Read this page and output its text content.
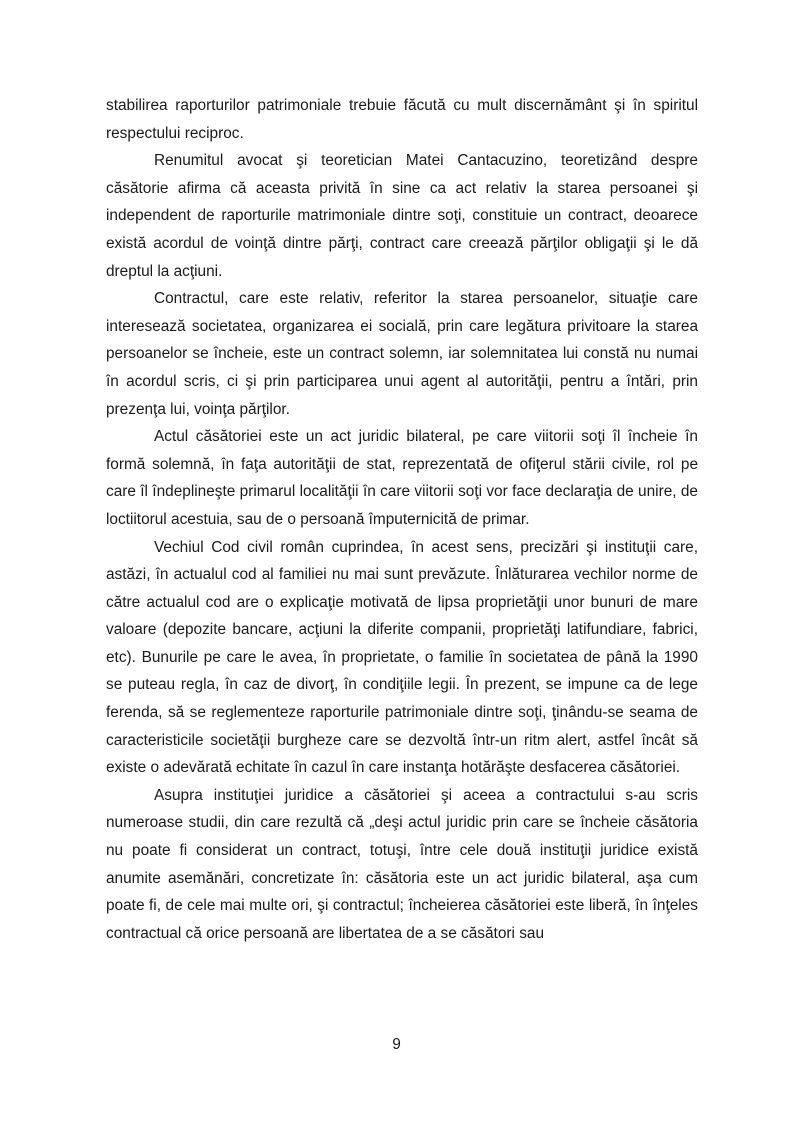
stabilirea raporturilor patrimoniale trebuie făcută cu mult discernământ şi în spiritul respectului reciproc.

Renumitul avocat şi teoretician Matei Cantacuzino, teoretizând despre căsătorie afirma că aceasta privită în sine ca act relativ la starea persoanei şi independent de raporturile matrimoniale dintre soţi, constituie un contract, deoarece există acordul de voinţă dintre părţi, contract care creează părţilor obligaţii şi le dă dreptul la acţiuni.

Contractul, care este relativ, referitor la starea persoanelor, situaţie care interesează societatea, organizarea ei socială, prin care legătura privitoare la starea persoanelor se încheie, este un contract solemn, iar solemnitatea lui constă nu numai în acordul scris, ci şi prin participarea unui agent al autorităţii, pentru a întări, prin prezenţa lui, voinţa părţilor.

Actul căsătoriei este un act juridic bilateral, pe care viitorii soţi îl încheie în formă solemnă, în faţa autorităţii de stat, reprezentată de ofiţerul stării civile, rol pe care îl îndeplineşte primarul localităţii în care viitorii soţi vor face declaraţia de unire, de loctiitorul acestuia, sau de o persoană împuternicită de primar.

Vechiul Cod civil român cuprindea, în acest sens, precizări şi instituţii care, astăzi, în actualul cod al familiei nu mai sunt prevăzute. Înlăturarea vechilor norme de către actualul cod are o explicaţie motivată de lipsa proprietăţii unor bunuri de mare valoare (depozite bancare, acţiuni la diferite companii, proprietăţi latifundiare, fabrici, etc). Bunurile pe care le avea, în proprietate, o familie în societatea de până la 1990 se puteau regla, în caz de divorţ, în condiţiile legii. În prezent, se impune ca de lege ferenda, să se reglementeze raporturile patrimoniale dintre soţi, ţinându-se seama de caracteristicile societăţii burgheze care se dezvoltă într-un ritm alert, astfel încât să existe o adevărată echitate în cazul în care instanţa hotărăşte desfacerea căsătoriei.

Asupra instituţiei juridice a căsătoriei şi aceea a contractului s-au scris numeroase studii, din care rezultă că „deşi actul juridic prin care se încheie căsătoria nu poate fi considerat un contract, totuşi, între cele două instituţii juridice există anumite asemănări, concretizate în: căsătoria este un act juridic bilateral, aşa cum poate fi, de cele mai multe ori, şi contractul; încheierea căsătoriei este liberă, în înţeles contractual că orice persoană are libertatea de a se căsători sau

9
